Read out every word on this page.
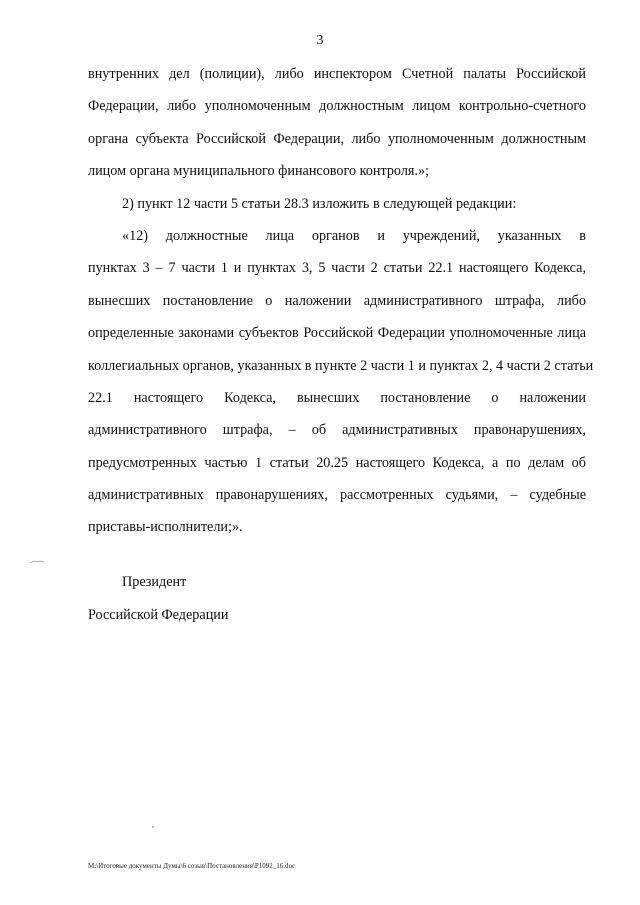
3
внутренних дел (полиции), либо инспектором Счетной палаты Российской
Федерации, либо уполномоченным должностным лицом контрольно-счетного
органа субъекта Российской Федерации, либо уполномоченным должностным
лицом органа муниципального финансового контроля.»;
2) пункт 12 части 5 статьи 28.3 изложить в следующей редакции:
«12) должностные лица органов и учреждений, указанных в
пунктах 3 – 7 части 1 и пунктах 3, 5 части 2 статьи 22.1 настоящего Кодекса,
вынесших постановление о наложении административного штрафа, либо
определенные законами субъектов Российской Федерации уполномоченные лица
коллегиальных органов, указанных в пункте 2 части 1 и пунктах 2, 4 части 2 статьи
22.1 настоящего Кодекса, вынесших постановление о наложении
административного штрафа, – об административных правонарушениях,
предусмотренных частью 1 статьи 20.25 настоящего Кодекса, а по делам об
административных правонарушениях, рассмотренных судьями, – судебные
приставы-исполнители;».
Президент
Российской Федерации
M:\Итоговые документы Думы\6 созыв\Постановления\P1092_16.doc
